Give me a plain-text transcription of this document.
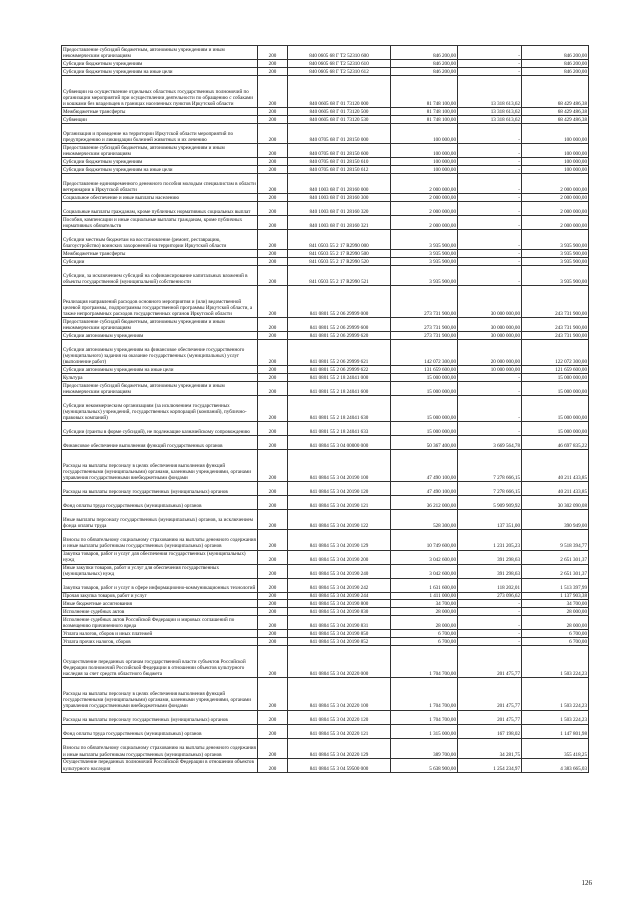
Предоставление субсидий бюджетным, автономным учреждениям и иным некоммерческим организациям	200	840 0605 68 Г Т2 52310 600	846 200,00	-	846 200,00
Субсидии бюджетным учреждениям	200	840 0605 68 Г Т2 52310 610	846 200,00	-	846 200,00
Субсидии бюджетным учреждениям на иные цели	200	840 0605 68 Г Т2 52310 612	846 200,00	-	846 200,00
Субвенции на осуществление отдельных областных государственных полномочий по организации мероприятий при осуществлении деятельности по обращению с собаками и кошками без владельцев в границах населенных пунктов Иркутской области	200	840 0605 68 Г 01 73120 000	81 748 100,00	13 318 613,62	68 429 486,38
Межбюджетные трансферты	200	840 0605 68 Г 01 73120 500	81 748 100,00	13 318 613,62	68 429 486,38
Субвенции	200	840 0605 68 Г 01 73120 530	81 748 100,00	13 318 613,62	68 429 486,38
Организация и проведение на территории Иркутской области мероприятий по предупреждению и ликвидации болезней животных и их лечению	200	840 0705 68 Г 01 28150 000	100 000,00	-	100 000,00
Предоставление субсидий бюджетным, автономным учреждениям и иным некоммерческим организациям	200	840 0705 68 Г 01 28150 600	100 000,00	-	100 000,00
Субсидии бюджетным учреждениям	200	840 0705 68 Г 01 28150 610	100 000,00	-	100 000,00
Субсидии бюджетным учреждениям на иные цели	200	840 0705 68 Г 01 28150 612	100 000,00	-	100 000,00
Предоставление единовременного денежного пособия молодым специалистам в области ветеринарии в Иркутской области	200	840 1003 68 Г 01 28160 000	2 000 000,00	-	2 000 000,00
Социальное обеспечение и иные выплаты населению	200	840 1003 68 Г 01 28160 300	2 000 000,00	-	2 000 000,00
Социальные выплаты гражданам, кроме публичных нормативных социальных выплат	200	840 1003 68 Г 01 28160 320	2 000 000,00	-	2 000 000,00
Пособия, компенсации и иные социальные выплаты гражданам, кроме публичных нормативных обязательств	200	840 1003 68 Г 01 28160 321	2 000 000,00	-	2 000 000,00
Субсидии местным бюджетам на восстановление (ремонт, реставрацию, благоустройство) воинских захоронений на территории Иркутской области	200	841 0503 55 2 17 R2990 000	3 935 900,00	-	3 935 900,00
Межбюджетные трансферты	200	841 0503 55 2 17 R2990 500	3 935 900,00	-	3 935 900,00
Субсидии	200	841 0503 55 2 17 R2990 520	3 935 900,00	-	3 935 900,00
Субсидии, за исключением субсидий на софинансирование капитальных вложений в объекты государственной (муниципальной) собственности	200	841 0503 55 2 17 R2990 521	3 935 900,00	-	3 935 900,00
Реализация направлений расходов основного мероприятия и (или) ведомственной целевой программы, подпрограммы государственной программы Иркутской области, а также непрограммных расходов государственных органов Иркутской области	200	841 0801 55 2 06 29999 000	273 731 900,00	30 000 000,00	243 731 900,00
Предоставление субсидий бюджетным, автономным учреждениям и иным некоммерческим организациям	200	841 0801 55 2 06 29999 600	273 731 900,00	30 000 000,00	243 731 900,00
Субсидии автономным учреждениям	200	841 0801 55 2 06 29999 620	273 731 900,00	30 000 000,00	243 731 900,00
Субсидии автономным учреждениям на финансовое обеспечение государственного (муниципального) задания на оказание государственных (муниципальных) услуг (выполнение работ)	200	841 0801 55 2 06 29999 621	142 072 300,00	20 000 000,00	122 072 300,00
Субсидии автономным учреждениям на иные цели	200	841 0801 55 2 06 29999 622	131 659 600,00	10 000 000,00	121 659 600,00
Культура	200	841 0801 55 2 18 24041 000	15 000 000,00	-	15 000 000,00
Предоставление субсидий бюджетным, автономным учреждениям и иным некоммерческим организациям	200	841 0801 55 2 18 24041 600	15 000 000,00	-	15 000 000,00
Субсидии некоммерческим организациям (за исключением государственных (муниципальных) учреждений, государственных корпораций (компаний), публично-правовых компаний)	200	841 0801 55 2 18 24041 630	15 000 000,00	-	15 000 000,00
Субсидии (гранты в форме субсидий), не подлежащие казначейскому сопровождению	200	841 0801 55 2 18 24041 633	15 000 000,00	-	15 000 000,00
Финансовое обеспечение выполнения функций государственных органов	200	841 0804 55 3 04 00000 000	50 367 400,00	3 669 564,78	46 697 835,22
Расходы на выплаты персоналу в целях обеспечения выполнения функций государственными (муниципальными) органами, казенными учреждениями, органами управления государственными внебюджетными фондами	200	841 0804 55 3 04 20190 100	47 490 100,00	7 278 666,15	40 211 433,85
Расходы на выплаты персоналу государственных (муниципальных) органов	200	841 0804 55 3 04 20190 120	47 490 100,00	7 278 666,15	40 211 433,85
Фонд оплаты труда государственных (муниципальных) органов	200	841 0804 55 3 04 20190 121	36 212 000,00	5 909 909,92	30 302 090,08
Иные выплаты персоналу государственных (муниципальных) органов, за исключением фонда оплаты труда	200	841 0804 55 3 04 20190 122	528 300,00	137 351,00	390 949,00
Взносы по обязательному социальному страхованию на выплаты денежного содержания и иные выплаты работникам государственных (муниципальных) органов	200	841 0804 55 3 04 20190 129	10 749 600,00	1 231 205,23	9 518 394,77
Закупка товаров, работ и услуг для обеспечения государственных (муниципальных) нужд	200	841 0804 55 3 04 20190 200	3 042 600,00	391 298,63	2 651 301,37
Иные закупки товаров, работ и услуг для обеспечения государственных (муниципальных) нужд	200	841 0804 55 3 04 20190 240	3 042 600,00	391 298,63	2 651 301,37
Закупка товаров, работ и услуг в сфере информационно-коммуникационных технологий	200	841 0804 55 3 04 20190 242	1 631 600,00	118 202,01	1 513 397,99
Прочая закупка товаров, работ и услуг	200	841 0804 55 3 04 20190 244	1 411 000,00	273 096,62	1 137 903,38
Иные бюджетные ассигнования	200	841 0804 55 3 04 20190 800	34 700,00	-	34 700,00
Исполнение судебных актов	200	841 0804 55 3 04 20190 830	28 000,00	-	28 000,00
Исполнение судебных актов Российской Федерации и мировых соглашений по возмещению причиненного вреда	200	841 0804 55 3 04 20190 831	28 000,00	-	28 000,00
Уплата налогов, сборов и иных платежей	200	841 0804 55 3 04 20190 850	6 700,00	-	6 700,00
Уплата прочих налогов, сборов	200	841 0804 55 3 04 20190 852	6 700,00	-	6 700,00
Осуществление переданных органам государственной власти субъектов Российской Федерации полномочий Российской Федерации в отношении объектов культурного наследия за счет средств областного бюджета	200	841 0804 55 3 04 20220 000	1 704 700,00	201 475,77	1 503 224,23
Расходы на выплаты персоналу в целях обеспечения выполнения функций государственными (муниципальными) органами, казенными учреждениями, органами управления государственными внебюджетными фондами	200	841 0804 55 3 04 20220 100	1 704 700,00	201 475,77	1 503 224,23
Расходы на выплаты персоналу государственных (муниципальных) органов	200	841 0804 55 3 04 20220 120	1 704 700,00	201 475,77	1 503 224,23
Фонд оплаты труда государственных (муниципальных) органов	200	841 0804 55 3 04 20220 121	1 315 000,00	167 198,02	1 147 801,98
Взносы по обязательному социальному страхованию на выплаты денежного содержания и иные выплаты работникам государственных (муниципальных) органов	200	841 0804 55 3 04 20220 129	389 700,00	34 281,75	355 418,25
Осуществление переданных полномочий Российской Федерации в отношении объектов культурного наследия	200	841 0804 55 3 04 59500 000	5 638 900,00	1 254 234,97	4 383 665,03
126
